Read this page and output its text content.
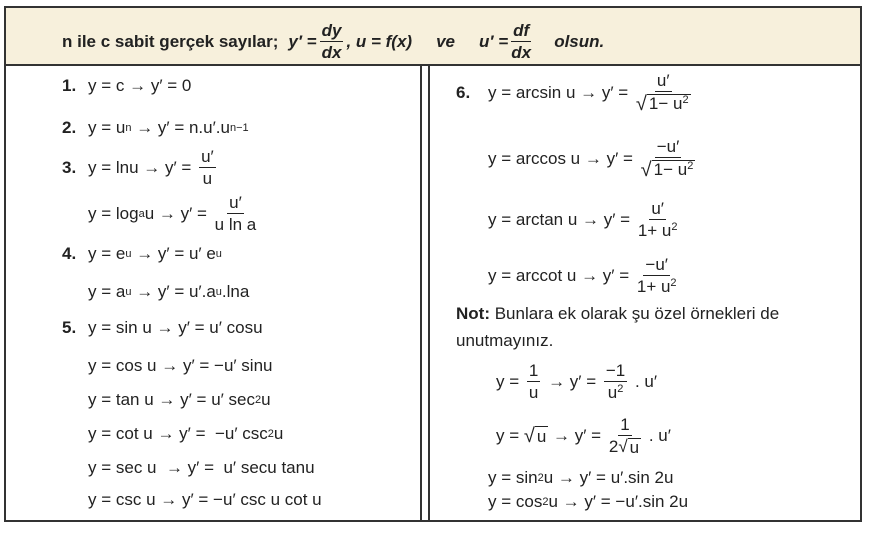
n ile c sabit gerçek sayılar; $y' = \frac{dy}{dx}$ , u = f(x) ve $u' = \frac{df}{dx}$ olsun.
1. y = c → y′ = 0
2. y = u n → y′ = n.u′.u n−1
3. $y = \ln u \to y' = \frac{u'}{u}$
y = log a $u \to y' = \frac{u'}{\text{u ln a}}$
4. y = e u → y′ = u′ e u
y = a u → y′ = u′.a u .lna
5. y = sin u → y′ = u′ cosu
y = cos u → y′ = −u′ sinu
y = tan u → y′ = u′ sec 2 u
y = cot u → y′ =  −u′ csc 2 u
y = sec u  → y′ =  u′ secu tanu
y = csc u → y′ = −u′ csc u cot u
6.	$y = \arcsin u \to y' = \frac{u'}{√ 1- u^2}$
$y = \arccos u \to y' = \frac{-u'}{√ 1- u^2}$
$y = \arctan u \to y' = \frac{u'}{1+ u^2}$
y = arccot $u \to y' = \frac{-u'}{1+ u^2}$
Not: Bunlara ek olarak şu özel örnekleri de unutmayınız.
$y = \frac{1}{u} \to y' = \frac{-1}{u^2}$ . u′
y = √ $u \to y' = \frac{1}{2 √ u}$ . u′
y = sin 2 u → y′ = u′.sin 2u
y = cos 2 u → y′ = −u′.sin 2u
